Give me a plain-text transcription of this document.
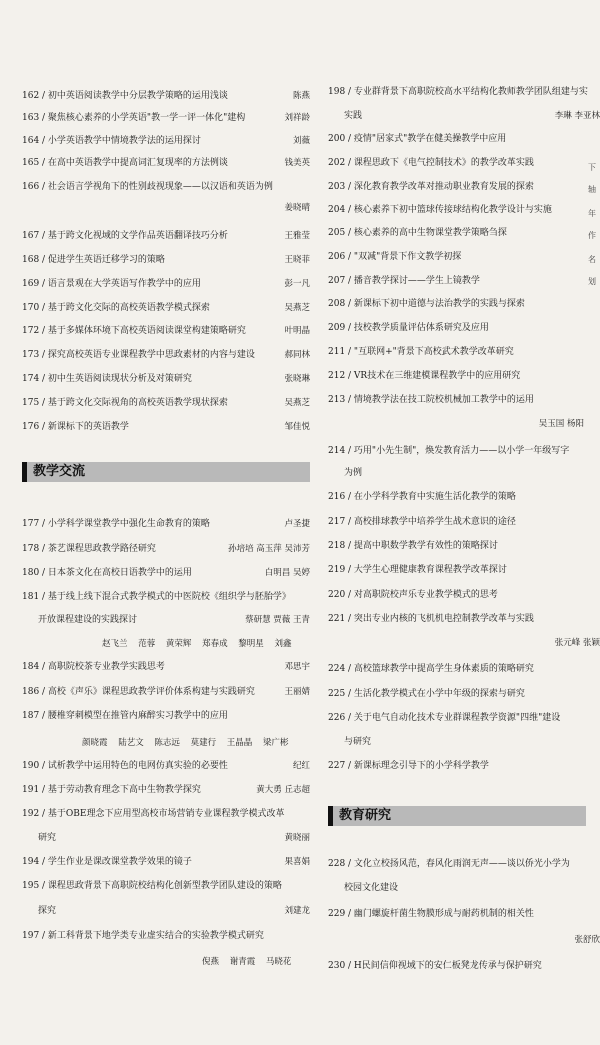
162 / 初中英语阅读教学中分层教学策略的运用浅谈	陈燕
163 / 聚焦核心素养的小学英语"教一学一评一体化"建构	刘祥龄
164 / 小学英语教学中情境教学法的运用探讨	刘薇
165 / 在高中英语教学中提高词汇复现率的方法例谈	钱美英
166 / 社会语言学视角下的性别歧视现象——以汉语和英语为例
姜晓晴
167 / 基于跨文化视域的文学作品英语翻译技巧分析	王雅莹
168 / 促进学生英语迁移学习的策略	王晓菲
169 / 语言景观在大学英语写作教学中的应用	彭一凡
170 / 基于跨文化交际的高校英语教学模式探索	吴燕芝
172 / 基于多媒体环境下高校英语阅读课堂构建策略研究	叶明晶
173 / 探究高校英语专业课程教学中思政素材的内容与建设	郝同林
174 / 初中生英语阅读现状分析及对策研究	张晓琳
175 / 基于跨文化交际视角的高校英语教学现状探索	吴燕芝
176 / 新课标下的英语教学	邹佳悦
教学交流
177 / 小学科学课堂教学中强化生命教育的策略	卢圣捷
178 / 茶艺课程思政教学路径研究	孙培培 高玉萍 吴沛芳
180 / 日本茶文化在高校日语教学中的运用	白明昌 吴婷
181 / 基于线上线下混合式教学模式的中医院校《组织学与胚胎学》
开放课程建设的实践探讨	蔡研慧 贾薇 王青
赵飞兰 范蓉 黄荣辉 郑春成 黎明星 刘鑫
184 / 高职院校茶专业教学实践思考	邓思宇
186 / 高校《声乐》课程思政教学评价体系构建与实践研究	王丽婧
187 / 腰椎穿刺模型在推管内麻醉实习教学中的应用
颜晓霞 陆艺文 陈志远 莫建行 王晶晶 梁广彬
190 / 试析教学中运用特色的电网仿真实验的必要性	纪红
191 / 基于劳动教育理念下高中生物教学探究	黄大勇 丘志超
192 / 基于OBE理念下应用型高校市场营销专业课程教学模式改革
研究	黄晓丽
194 / 学生作业是课改课堂教学效果的镜子	果喜娟
195 / 课程思政背景下高职院校结构化创新型教学团队建设的策略
探究	刘建龙
197 / 新工科背景下地学类专业虚实结合的实验教学模式研究
倪燕 谢青霞 马晓花
198 / 专业群背景下高职院校高水平结构化教师教学团队组建与实
实践	李琳 李亚林
200 / 疫情"居家式"教学在健美操教学中应用
202 / 课程思政下《电气控制技术》的教学改革实践
203 / 深化教育教学改革对推动职业教育发展的探索
204 / 核心素养下初中篮球传接球结构化教学设计与实施
205 / 核心素养的高中生物课堂教学策略刍探
206 / "双减"背景下作文教学初探
207 / 播音教学探讨——学生上镜教学
208 / 新课标下初中道德与法治教学的实践与探索
209 / 技校教学质量评估体系研究及应用
211 / "互联网+"背景下高校武术教学改革研究
212 / VR技术在三维建模课程教学中的应用研究
213 / 情境教学法在技工院校机械加工教学中的运用
吴玉国 杨阳
214 / 巧用"小先生制"，焕发教育活力——以小学一年级写字
为例
216 / 在小学科学教育中实施生活化教学的策略
217 / 高校排球教学中培养学生战术意识的途径
218 / 提高中职数学教学有效性的策略探讨
219 / 大学生心理健康教育课程教学改革探讨
220 / 对高职院校声乐专业教学模式的思考
221 / 突出专业内核的飞机机电控制教学改革与实践
张元峰 张颖
224 / 高校篮球教学中提高学生身体素质的策略研究
225 / 生活化教学模式在小学中年级的探索与研究
226 / 关于电气自动化技术专业群课程教学资源"四维"建设
与研究
227 / 新课标理念引导下的小学科学教学
教育研究
228 / 文化立校扬风范，春风化雨润无声——谈以侨光小学为
校园文化建设
229 / 幽门螺旋杆菌生物膜形成与耐药机制的相关性
张舒欣
230 / H民间信仰视域下的安仁板凳龙传承与保护研究
下
轴
年
作
名
划
